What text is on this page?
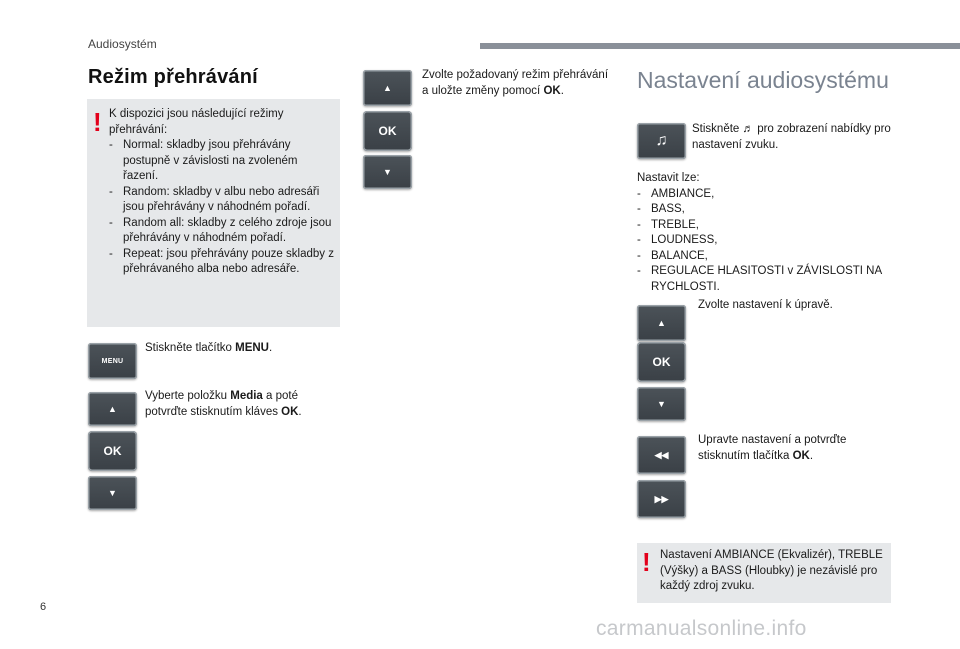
Audiosystém
Režim přehrávání
! K dispozici jsou následující režimy přehrávání:
- Normal: skladby jsou přehrávány postupně v závislosti na zvoleném řazení.
- Random: skladby v albu nebo adresáři jsou přehrávány v náhodném pořadí.
- Random all: skladby z celého zdroje jsou přehrávány v náhodném pořadí.
- Repeat: jsou přehrávány pouze skladby z přehrávaného alba nebo adresáře.
MENU
Stiskněte tlačítko MENU.
▲
OK
▼
Vyberte položku Media a poté potvrďte stisknutím kláves OK.
▲
OK
▼
Zvolte požadovaný režim přehrávání a uložte změny pomocí OK.	Nastavení audiosystému
♫
Stiskněte ♬ pro zobrazení nabídky pro nastavení zvuku.
Nastavit lze:
- AMBIANCE,
- BASS,
- TREBLE,
- LOUDNESS,
- BALANCE,
- REGULACE HLASITOSTI v ZÁVISLOSTI NA RYCHLOSTI.
▲
OK
▼
Zvolte nastavení k úpravě.
◀◀
▶▶
Upravte nastavení a potvrďte stisknutím tlačítka OK.
! Nastavení AMBIANCE (Ekvalizér), TREBLE (Výšky) a BASS (Hloubky) je nezávislé pro každý zdroj zvuku.
6
carmanualsonline.info
